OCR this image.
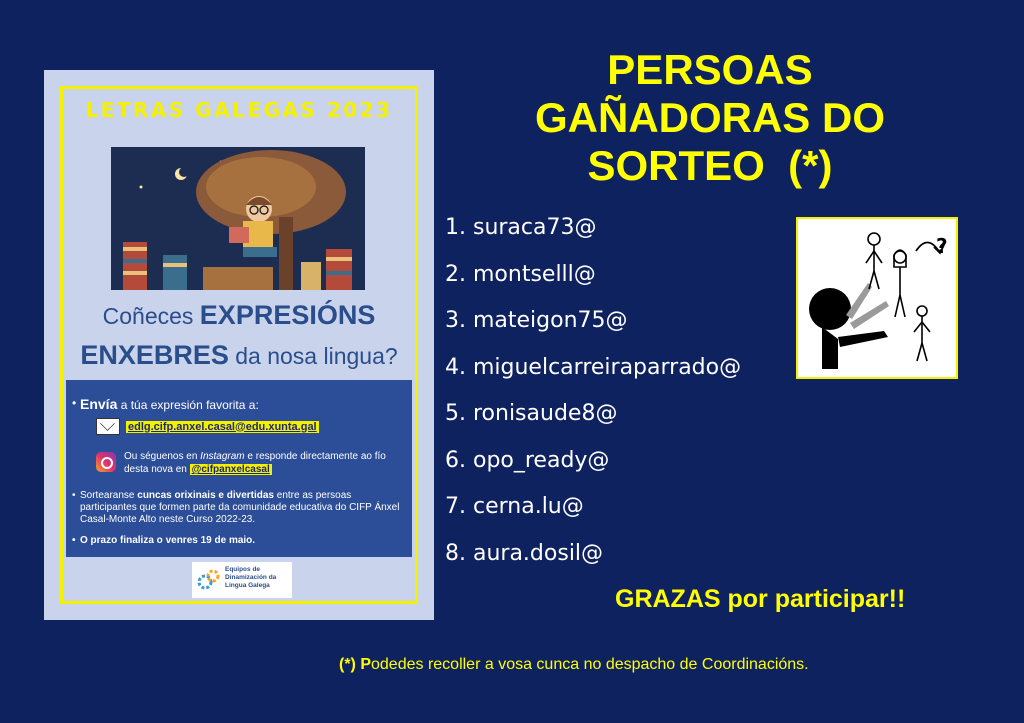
LETRAS GALEGAS 2023
Coñeces EXPRESIÓNS
ENXEBRES da nosa lingua?
• Envía a túa expresión favorita a:
edlg.cifp.anxel.casal@edu.xunta.gal
Ou séguenos en Instagram e responde directamente ao fío desta nova en @cifpanxelcasal
• Sortearanse cuncas orixinais e divertidas entre as persoas participantes que formen parte da comunidade educativa do CIFP Ánxel Casal-Monte Alto neste Curso 2022-23.
• O prazo finaliza o venres 19 de maio.
Equipos de Dinamización da Lingua Galega
PERSOAS
GAÑADORAS DO
SORTEO  (*)
1. suraca73@
2. montselll@
3. mateigon75@
4. miguelcarreiraparrado@
5. ronisaude8@
6. opo_ready@
7. cerna.lu@
8. aura.dosil@
?
GRAZAS por participar!!
(*) Podedes recoller a vosa cunca no despacho de Coordinacións.
